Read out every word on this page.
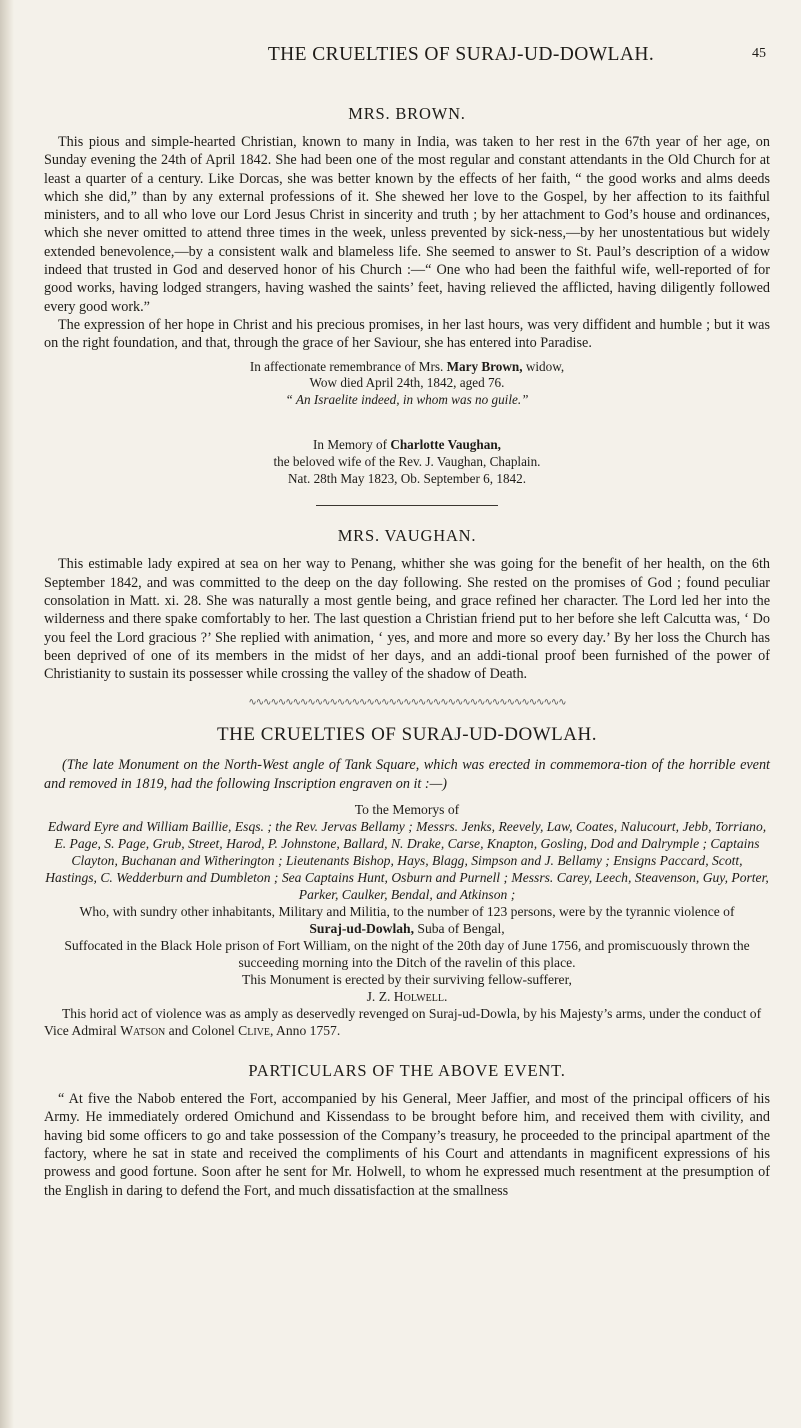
THE CRUELTIES OF SURAJ-UD-DOWLAH.	45
MRS. BROWN.

This pious and simple-hearted Christian, known to many in India, was taken to her rest in the 67th year of her age, on Sunday evening the 24th of April 1842. She had been one of the most regular and constant attendants in the Old Church for at least a quarter of a century. Like Dorcas, she was better known by the effects of her faith, “ the good works and alms deeds which she did,” than by any external professions of it. She shewed her love to the Gospel, by her affection to its faithful ministers, and to all who love our Lord Jesus Christ in sincerity and truth ; by her attachment to God’s house and ordinances, which she never omitted to attend three times in the week, unless prevented by sick-ness,—by her unostentatious but widely extended benevolence,—by a consistent walk and blameless life. She seemed to answer to St. Paul’s description of a widow indeed that trusted in God and deserved honor of his Church :—“ One who had been the faithful wife, well-reported of for good works, having lodged strangers, having washed the saints’ feet, having relieved the afflicted, having diligently followed every good work.”

The expression of her hope in Christ and his precious promises, in her last hours, was very diffident and humble ; but it was on the right foundation, and that, through the grace of her Saviour, she has entered into Paradise.

In affectionate remembrance of Mrs. Mary Brown, widow,
Wow died April 24th, 1842, aged 76.
“ An Israelite indeed, in whom was no guile.”
In Memory of Charlotte Vaughan,
the beloved wife of the Rev. J. Vaughan, Chaplain.
Nat. 28th May 1823, Ob. September 6, 1842.
MRS. VAUGHAN.

This estimable lady expired at sea on her way to Penang, whither she was going for the benefit of her health, on the 6th September 1842, and was committed to the deep on the day following. She rested on the promises of God ; found peculiar consolation in Matt. xi. 28. She was naturally a most gentle being, and grace refined her character. The Lord led her into the wilderness and there spake comfortably to her. The last question a Christian friend put to her before she left Calcutta was, ‘ Do you feel the Lord gracious ?’ She replied with animation, ‘ yes, and more and more so every day.’ By her loss the Church has been deprived of one of its members in the midst of her days, and an addi-tional proof been furnished of the power of Christianity to sustain its possesser while crossing the valley of the shadow of Death.

∿∿∿∿∿∿∿∿∿∿∿∿∿∿∿∿∿∿∿∿∿∿∿∿∿∿∿∿∿∿∿∿∿∿∿∿∿∿∿∿∿∿∿
THE CRUELTIES OF SURAJ-UD-DOWLAH.

(The late Monument on the North-West angle of Tank Square, which was erected in commemora-tion of the horrible event and removed in 1819, had the following Inscription engraven on it :—)

To the Memorys of
Edward Eyre and William Baillie, Esqs. ; the Rev. Jervas Bellamy ; Messrs. Jenks, Reevely, Law, Coates, Nalucourt, Jebb, Torriano, E. Page, S. Page, Grub, Street, Harod, P. Johnstone, Ballard, N. Drake, Carse, Knapton, Gosling, Dod and Dalrymple ; Captains Clayton, Buchanan and Witherington ; Lieutenants Bishop, Hays, Blagg, Simpson and J. Bellamy ; Ensigns Paccard, Scott, Hastings, C. Wedderburn and Dumbleton ; Sea Captains Hunt, Osburn and Purnell ; Messrs. Carey, Leech, Steavenson, Guy, Porter, Parker, Caulker, Bendal, and Atkinson ;
Who, with sundry other inhabitants, Military and Militia, to the number of 123 persons, were by the tyrannic violence of
Suraj-ud-Dowlah, Suba of Bengal,
Suffocated in the Black Hole prison of Fort William, on the night of the 20th day of June 1756, and promiscuously thrown the succeeding morning into the Ditch of the ravelin of this place.
This Monument is erected by their surviving fellow-sufferer,
J. Z. Holwell.
This horid act of violence was as amply as deservedly revenged on Suraj-ud-Dowla, by his Majesty’s arms, under the conduct of Vice Admiral Watson and Colonel Clive, Anno 1757.
PARTICULARS OF THE ABOVE EVENT.

“ At five the Nabob entered the Fort, accompanied by his General, Meer Jaffier, and most of the principal officers of his Army. He immediately ordered Omichund and Kissendass to be brought before him, and received them with civility, and having bid some officers to go and take possession of the Company’s treasury, he proceeded to the principal apartment of the factory, where he sat in state and received the compliments of his Court and attendants in magnificent expressions of his prowess and good fortune. Soon after he sent for Mr. Holwell, to whom he expressed much resentment at the presumption of the English in daring to defend the Fort, and much dissatisfaction at the smallness
